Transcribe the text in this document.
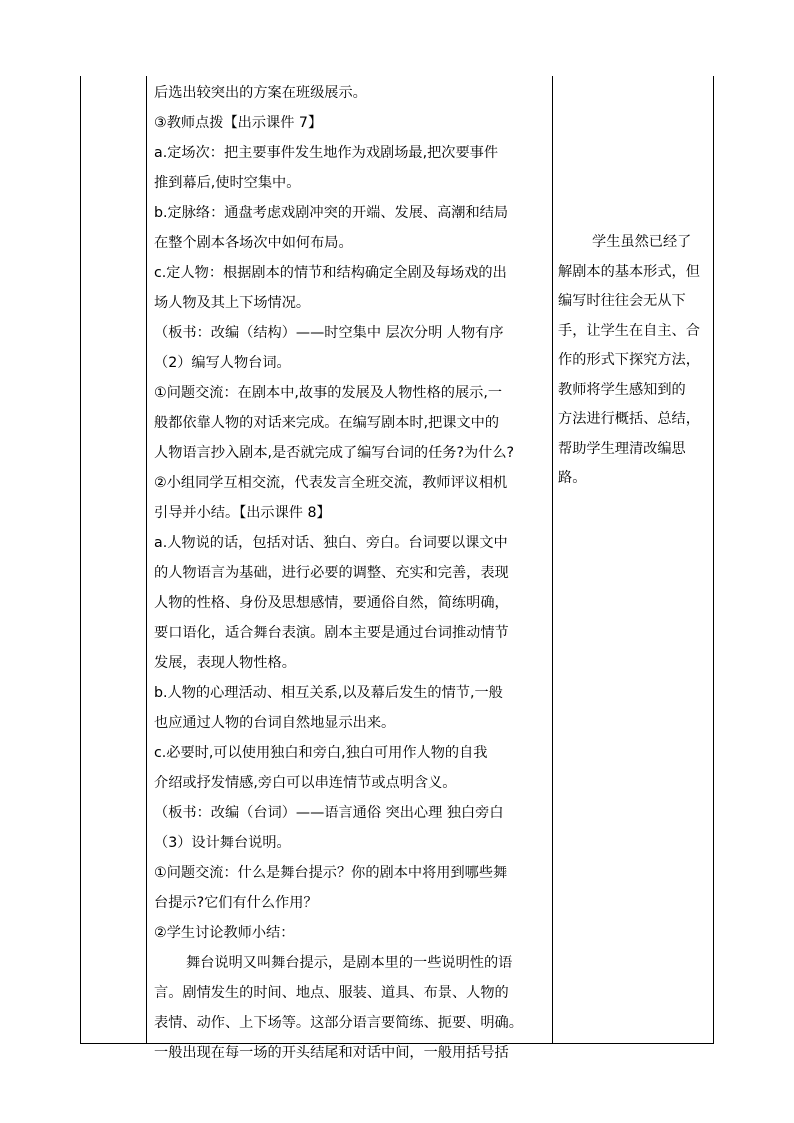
后选出较突出的方案在班级展示。
③教师点拨【出示课件 7】
a.定场次：把主要事件发生地作为戏剧场最,把次要事件
推到幕后,使时空集中。
b.定脉络：通盘考虑戏剧冲突的开端、发展、高潮和结局
在整个剧本各场次中如何布局。
c.定人物：根据剧本的情节和结构确定全剧及每场戏的出
场人物及其上下场情况。
（板书：改编（结构）——时空集中 层次分明 人物有序
（2）编写人物台词。
①问题交流：在剧本中,故事的发展及人物性格的展示,一
般都依靠人物的对话来完成。在编写剧本时,把课文中的
人物语言抄入剧本,是否就完成了编写台词的任务?为什么?
②小组同学互相交流，代表发言全班交流，教师评议相机
引导并小结。【出示课件 8】
a.人物说的话，包括对话、独白、旁白。台词要以课文中
的人物语言为基础，进行必要的调整、充实和完善，表现
人物的性格、身份及思想感情，要通俗自然，简练明确，
要口语化，适合舞台表演。剧本主要是通过台词推动情节
发展，表现人物性格。
b.人物的心理活动、相互关系,以及幕后发生的情节,一般
也应通过人物的台词自然地显示出来。
c.必要时,可以使用独白和旁白,独白可用作人物的自我
介绍或抒发情感,旁白可以串连情节或点明含义。
（板书：改编（台词）——语言通俗 突出心理 独白旁白
（3）设计舞台说明。
①问题交流：什么是舞台提示？你的剧本中将用到哪些舞
台提示?它们有什么作用？
②学生讨论教师小结：
舞台说明又叫舞台提示，是剧本里的一些说明性的语
言。剧情发生的时间、地点、服装、道具、布景、人物的
表情、动作、上下场等。这部分语言要简练、扼要、明确。
一般出现在每一场的开头结尾和对话中间，一般用括号括
学生虽然已经了
解剧本的基本形式，但
编写时往往会无从下
手，让学生在自主、合
作的形式下探究方法，
教师将学生感知到的
方法进行概括、总结，
帮助学生理清改编思
路。
